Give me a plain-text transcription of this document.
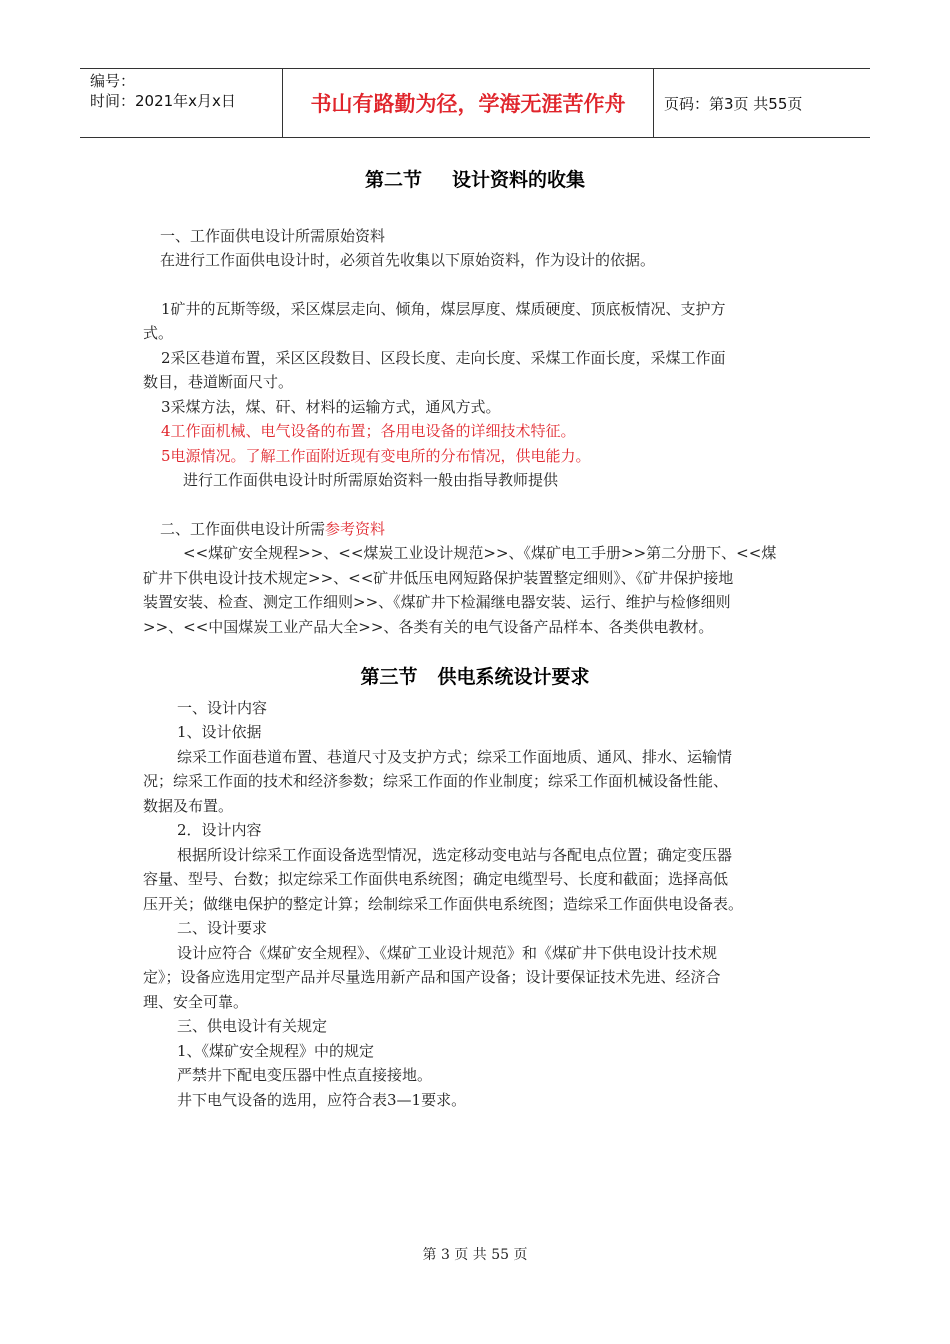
编号：
时间：2021年x月x日	书山有路勤为径，学海无涯苦作舟	页码：第3页 共55页
第二节 设计资料的收集

一、工作面供电设计所需原始资料

在进行工作面供电设计时，必须首先收集以下原始资料，作为设计的依据。

1矿井的瓦斯等级，采区煤层走向、倾角，煤层厚度、煤质硬度、顶底板情况、支护方

式。

2采区巷道布置，采区区段数目、区段长度、走向长度、采煤工作面长度，采煤工作面

数目，巷道断面尺寸。

3采煤方法，煤、矸、材料的运输方式，通风方式。

4工作面机械、电气设备的布置；各用电设备的详细技术特征。

5电源情况。了解工作面附近现有变电所的分布情况，供电能力。

进行工作面供电设计时所需原始资料一般由指导教师提供

二、工作面供电设计所需参考资料

<<煤矿安全规程>>、<<煤炭工业设计规范>>、《煤矿电工手册>>第二分册下、<<煤

矿井下供电设计技术规定>>、<<矿井低压电网短路保护装置整定细则》、《矿井保护接地

装置安装、检查、测定工作细则>>、《煤矿井下检漏继电器安装、运行、维护与检修细则

>>、<<中国煤炭工业产品大全>>、各类有关的电气设备产品样本、各类供电教材。

第三节 供电系统设计要求

一、设计内容

1、设计依据

综采工作面巷道布置、巷道尺寸及支护方式；综采工作面地质、通风、排水、运输情

况；综采工作面的技术和经济参数；综采工作面的作业制度；综采工作面机械设备性能、

数据及布置。

2．设计内容

根据所设计综采工作面设备选型情况，选定移动变电站与各配电点位置；确定变压器

容量、型号、台数；拟定综采工作面供电系统图；确定电缆型号、长度和截面；选择高低

压开关；做继电保护的整定计算；绘制综采工作面供电系统图；造综采工作面供电设备表。

二、设计要求

设计应符合《煤矿安全规程》、《煤矿工业设计规范》和《煤矿井下供电设计技术规

定》；设备应选用定型产品并尽量选用新产品和国产设备；设计要保证技术先进、经济合

理、安全可靠。

三、供电设计有关规定

1、《煤矿安全规程》中的规定

严禁井下配电变压器中性点直接接地。

井下电气设备的选用，应符合表3—1要求。

第 3 页 共 55 页
